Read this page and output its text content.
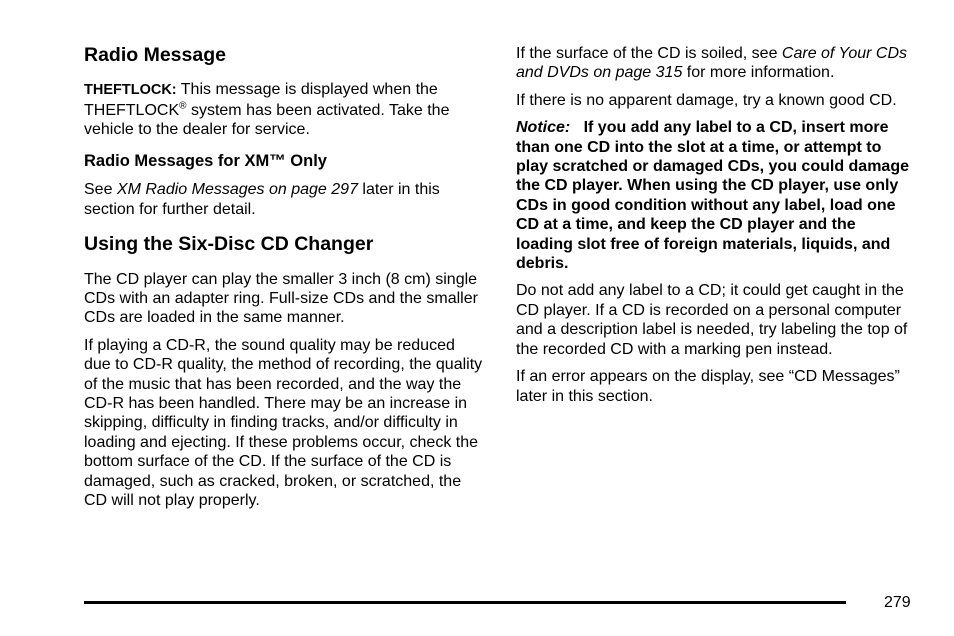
Radio Message

THEFTLOCK: This message is displayed when the THEFTLOCK® system has been activated. Take the vehicle to the dealer for service.

Radio Messages for XM™ Only

See XM Radio Messages on page 297 later in this section for further detail.

Using the Six-Disc CD Changer

The CD player can play the smaller 3 inch (8 cm) single CDs with an adapter ring. Full-size CDs and the smaller CDs are loaded in the same manner.

If playing a CD-R, the sound quality may be reduced due to CD-R quality, the method of recording, the quality of the music that has been recorded, and the way the CD-R has been handled. There may be an increase in skipping, difficulty in finding tracks, and/or difficulty in loading and ejecting. If these problems occur, check the bottom surface of the CD. If the surface of the CD is damaged, such as cracked, broken, or scratched, the CD will not play properly.

If the surface of the CD is soiled, see Care of Your CDs and DVDs on page 315 for more information.

If there is no apparent damage, try a known good CD.

Notice: If you add any label to a CD, insert more than one CD into the slot at a time, or attempt to play scratched or damaged CDs, you could damage the CD player. When using the CD player, use only CDs in good condition without any label, load one CD at a time, and keep the CD player and the loading slot free of foreign materials, liquids, and debris.

Do not add any label to a CD; it could get caught in the CD player. If a CD is recorded on a personal computer and a description label is needed, try labeling the top of the recorded CD with a marking pen instead.

If an error appears on the display, see “CD Messages” later in this section.

279
